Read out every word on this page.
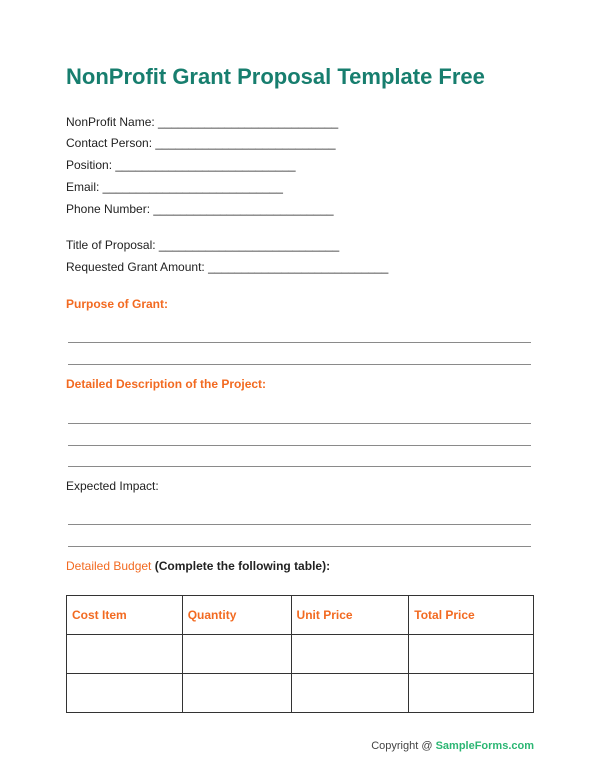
NonProfit Grant Proposal Template Free
NonProfit Name: ___________________________
Contact Person: ___________________________
Position: ___________________________
Email: ___________________________
Phone Number: ___________________________
Title of Proposal: ___________________________
Requested Grant Amount: ___________________________
Purpose of Grant:
Detailed Description of the Project:
Expected Impact:
Detailed Budget (Complete the following table):
Cost Item	Quantity	Unit Price	Total Price

Copyright @ SampleForms.com
